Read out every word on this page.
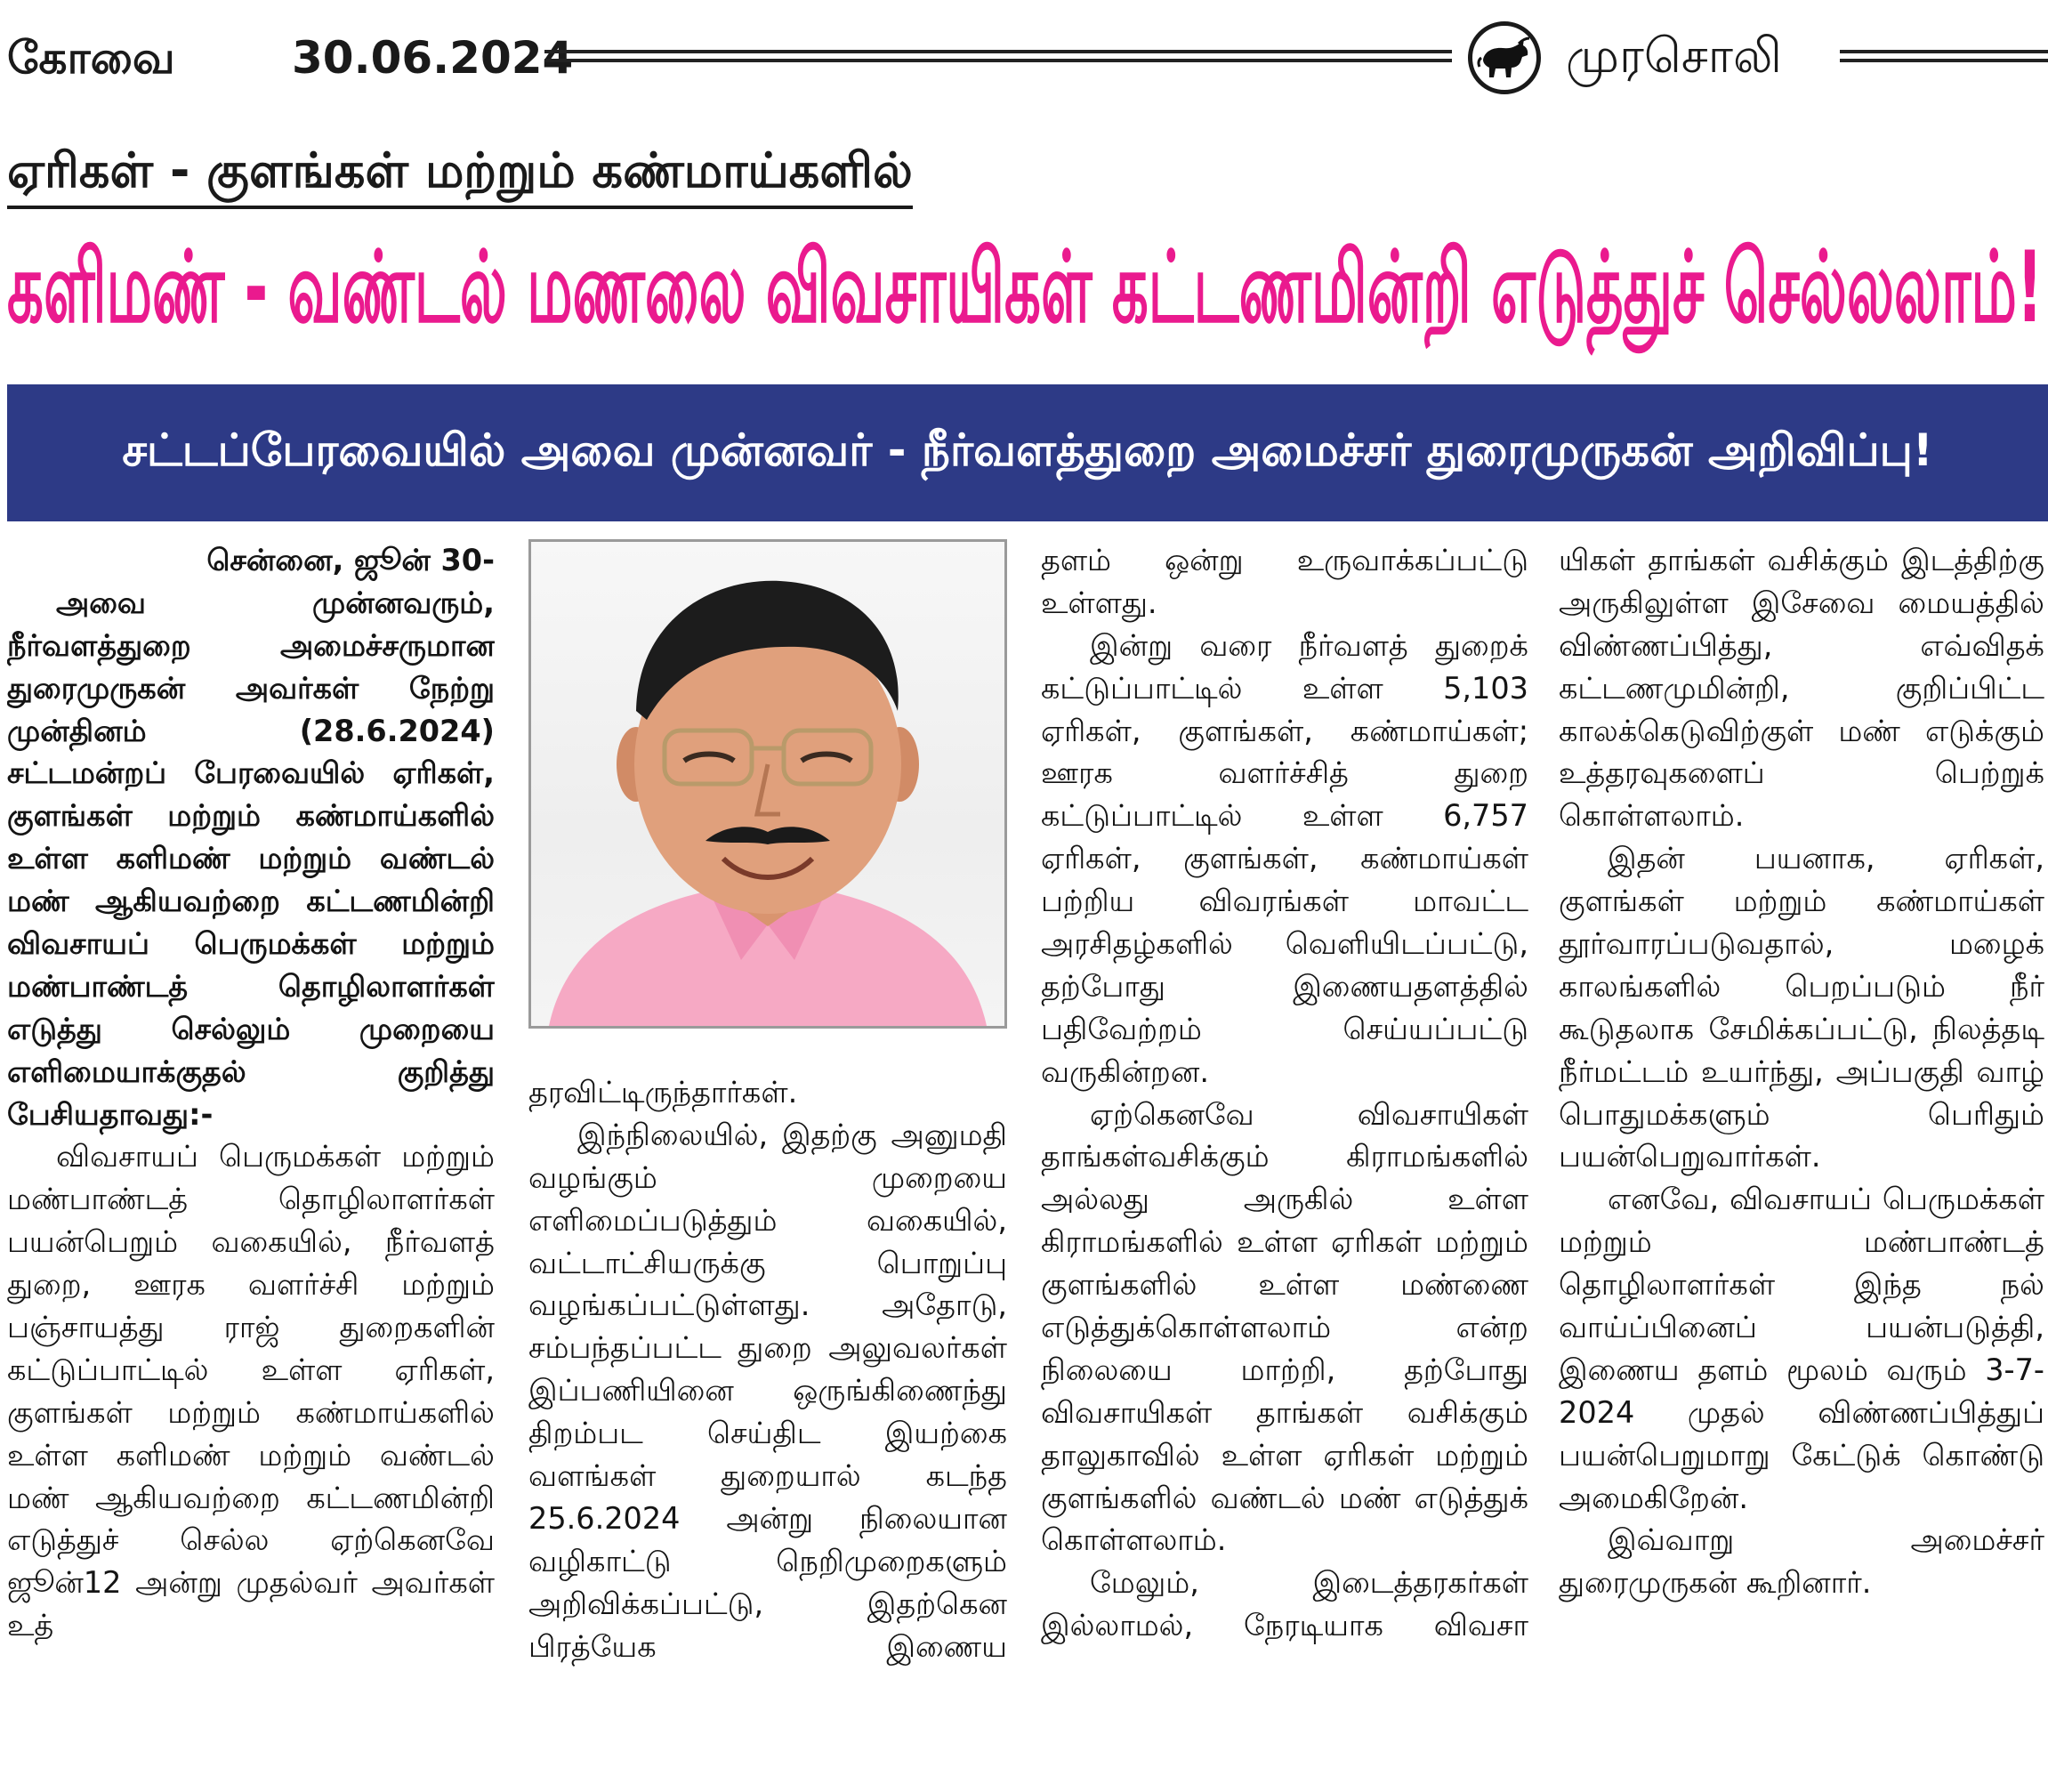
கோவை	30.06.2024	முரசொலி
ஏரிகள் - குளங்கள் மற்றும் கண்மாய்களில்
களிமண் - வண்டல் மணலை விவசாயிகள் கட்டணமின்றி எடுத்துச் செல்லலாம்!
சட்டப்பேரவையில் அவை முன்னவர் - நீர்வளத்துறை அமைச்சர் துரைமுருகன் அறிவிப்பு!

சென்னை, ஜூன் 30-

அவை முன்னவரும், நீர்வளத்துறை அமைச்சருமான துரைமுருகன் அவர்கள் நேற்று முன்தினம் (28.6.2024) சட்டமன்றப் பேரவையில் ஏரிகள், குளங்கள் மற்றும் கண்மாய்களில் உள்ள களிமண் மற்றும் வண்டல் மண் ஆகியவற்றை கட்டணமின்றி விவசாயப் பெருமக்கள் மற்றும் மண்பாண்டத் தொழிலாளர்கள் எடுத்து செல்லும் முறையை எளிமையாக்குதல் குறித்து பேசியதாவது:-

விவசாயப் பெருமக்கள் மற்றும் மண்பாண்டத் தொழிலாளர்கள் பயன்பெறும் வகையில், நீர்வளத் துறை, ஊரக வளர்ச்சி மற்றும் பஞ்சாயத்து ராஜ் துறைகளின் கட்டுப்பாட்டில் உள்ள ஏரிகள், குளங்கள் மற்றும் கண்மாய்களில் உள்ள களிமண் மற்றும் வண்டல் மண் ஆகியவற்றை கட்டணமின்றி எடுத்துச் செல்ல ஏற்கெனவே ஜூன்12 அன்று முதல்வர் அவர்கள் உத்

தரவிட்டிருந்தார்கள்.

இந்நிலையில், இதற்கு அனுமதி வழங்கும் முறையை எளிமைப்படுத்தும் வகையில், வட்டாட்சியருக்கு பொறுப்பு வழங்கப்பட்டுள்ளது. அதோடு, சம்பந்தப்பட்ட துறை அலுவலர்கள் இப்பணியினை ஒருங்கிணைந்து திறம்பட செய்திட இயற்கை வளங்கள் துறையால் கடந்த 25.6.2024 அன்று நிலையான வழிகாட்டு நெறிமுறைகளும் அறிவிக்கப்பட்டு, இதற்கென பிரத்யேக இணைய

தளம் ஒன்று உருவாக்கப்பட்டு உள்ளது.

இன்று வரை நீர்வளத் துறைக் கட்டுப்பாட்டில் உள்ள 5,103 ஏரிகள், குளங்கள், கண்மாய்கள்; ஊரக வளர்ச்சித் துறை கட்டுப்பாட்டில் உள்ள 6,757 ஏரிகள், குளங்கள், கண்மாய்கள் பற்றிய விவரங்கள் மாவட்ட அரசிதழ்களில் வெளியிடப்பட்டு, தற்போது இணையதளத்தில் பதிவேற்றம் செய்யப்பட்டு வருகின்றன.

ஏற்கெனவே விவசாயிகள் தாங்கள்வசிக்கும் கிராமங்களில் அல்லது அருகில் உள்ள கிராமங்களில் உள்ள ஏரிகள் மற்றும் குளங்களில் உள்ள மண்ணை எடுத்துக்கொள்ளலாம் என்ற நிலையை மாற்றி, தற்போது விவசாயிகள் தாங்கள் வசிக்கும் தாலுகாவில் உள்ள ஏரிகள் மற்றும் குளங்களில் வண்டல் மண் எடுத்துக் கொள்ளலாம்.

மேலும், இடைத்தரகர்கள் இல்லாமல், நேரடியாக விவசா

யிகள் தாங்கள் வசிக்கும் இடத்திற்கு அருகிலுள்ள இசேவை மையத்தில் விண்ணப்பித்து, எவ்விதக் கட்டணமுமின்றி, குறிப்பிட்ட காலக்கெடுவிற்குள் மண் எடுக்கும் உத்தரவுகளைப் பெற்றுக் கொள்ளலாம்.

இதன் பயனாக, ஏரிகள், குளங்கள் மற்றும் கண்மாய்கள் தூர்வாரப்படுவதால், மழைக் காலங்களில் பெறப்படும் நீர் கூடுதலாக சேமிக்கப்பட்டு, நிலத்தடி நீர்மட்டம் உயர்ந்து, அப்பகுதி வாழ் பொதுமக்களும் பெரிதும் பயன்பெறுவார்கள்.

எனவே, விவசாயப் பெருமக்கள் மற்றும் மண்பாண்டத் தொழிலாளர்கள் இந்த நல் வாய்ப்பினைப் பயன்படுத்தி, இணைய தளம் மூலம் வரும் 3-7-2024 முதல் விண்ணப்பித்துப் பயன்பெறுமாறு கேட்டுக் கொண்டு அமைகிறேன்.

இவ்வாறு அமைச்சர் துரைமுருகன் கூறினார்.
